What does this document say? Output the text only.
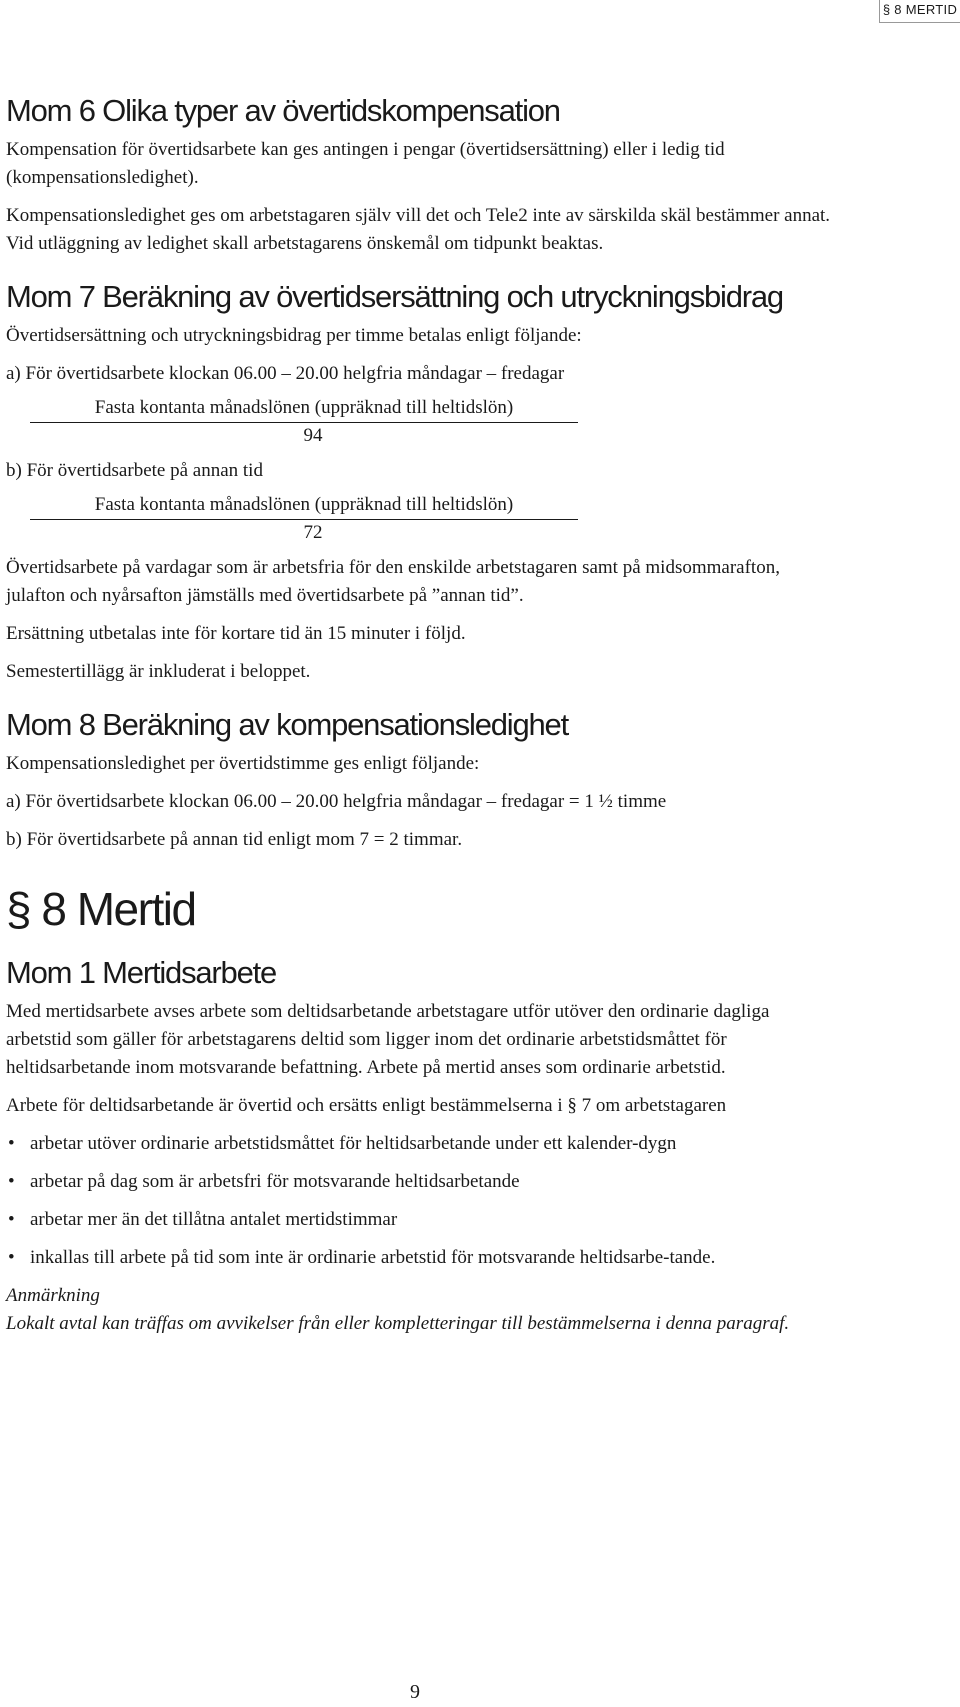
§ 8 MERTID
Mom 6 Olika typer av övertidskompensation

Kompensation för övertidsarbete kan ges antingen i pengar (övertidsersättning) eller i ledig tid (kompensationsledighet).

Kompensationsledighet ges om arbetstagaren själv vill det och Tele2 inte av särskilda skäl bestämmer annat. Vid utläggning av ledighet skall arbetstagarens önskemål om tidpunkt beaktas.

Mom 7 Beräkning av övertidsersättning och utryckningsbidrag

Övertidsersättning och utryckningsbidrag per timme betalas enligt följande:

a) För övertidsarbete klockan 06.00 – 20.00 helgfria måndagar – fredagar

Fasta kontanta månadslönen (uppräknad till heltidslön)
94

b) För övertidsarbete på annan tid

Fasta kontanta månadslönen (uppräknad till heltidslön)
72

Övertidsarbete på vardagar som är arbetsfria för den enskilde arbetstagaren samt på midsommarafton, julafton och nyårsafton jämställs med övertidsarbete på ”annan tid”.

Ersättning utbetalas inte för kortare tid än 15 minuter i följd.

Semestertillägg är inkluderat i beloppet.

Mom 8 Beräkning av kompensationsledighet

Kompensationsledighet per övertidstimme ges enligt följande:

a) För övertidsarbete klockan 06.00 – 20.00 helgfria måndagar – fredagar = 1 ½ timme

b) För övertidsarbete på annan tid enligt mom 7 = 2 timmar.

§ 8 Mertid
Mom 1 Mertidsarbete

Med mertidsarbete avses arbete som deltidsarbetande arbetstagare utför utöver den ordinarie dagliga arbetstid som gäller för arbetstagarens deltid som ligger inom det ordinarie arbetstidsmåttet för heltidsarbetande inom motsvarande befattning. Arbete på mertid anses som ordinarie arbetstid.

Arbete för deltidsarbetande är övertid och ersätts enligt bestämmelserna i § 7 om arbetstagaren

• arbetar utöver ordinarie arbetstidsmåttet för heltidsarbetande under ett kalender-dygn
• arbetar på dag som är arbetsfri för motsvarande heltidsarbetande
• arbetar mer än det tillåtna antalet mertidstimmar
• inkallas till arbete på tid som inte är ordinarie arbetstid för motsvarande heltidsarbe-tande.

Anmärkning

Lokalt avtal kan träffas om avvikelser från eller kompletteringar till bestämmelserna i denna paragraf.

9
